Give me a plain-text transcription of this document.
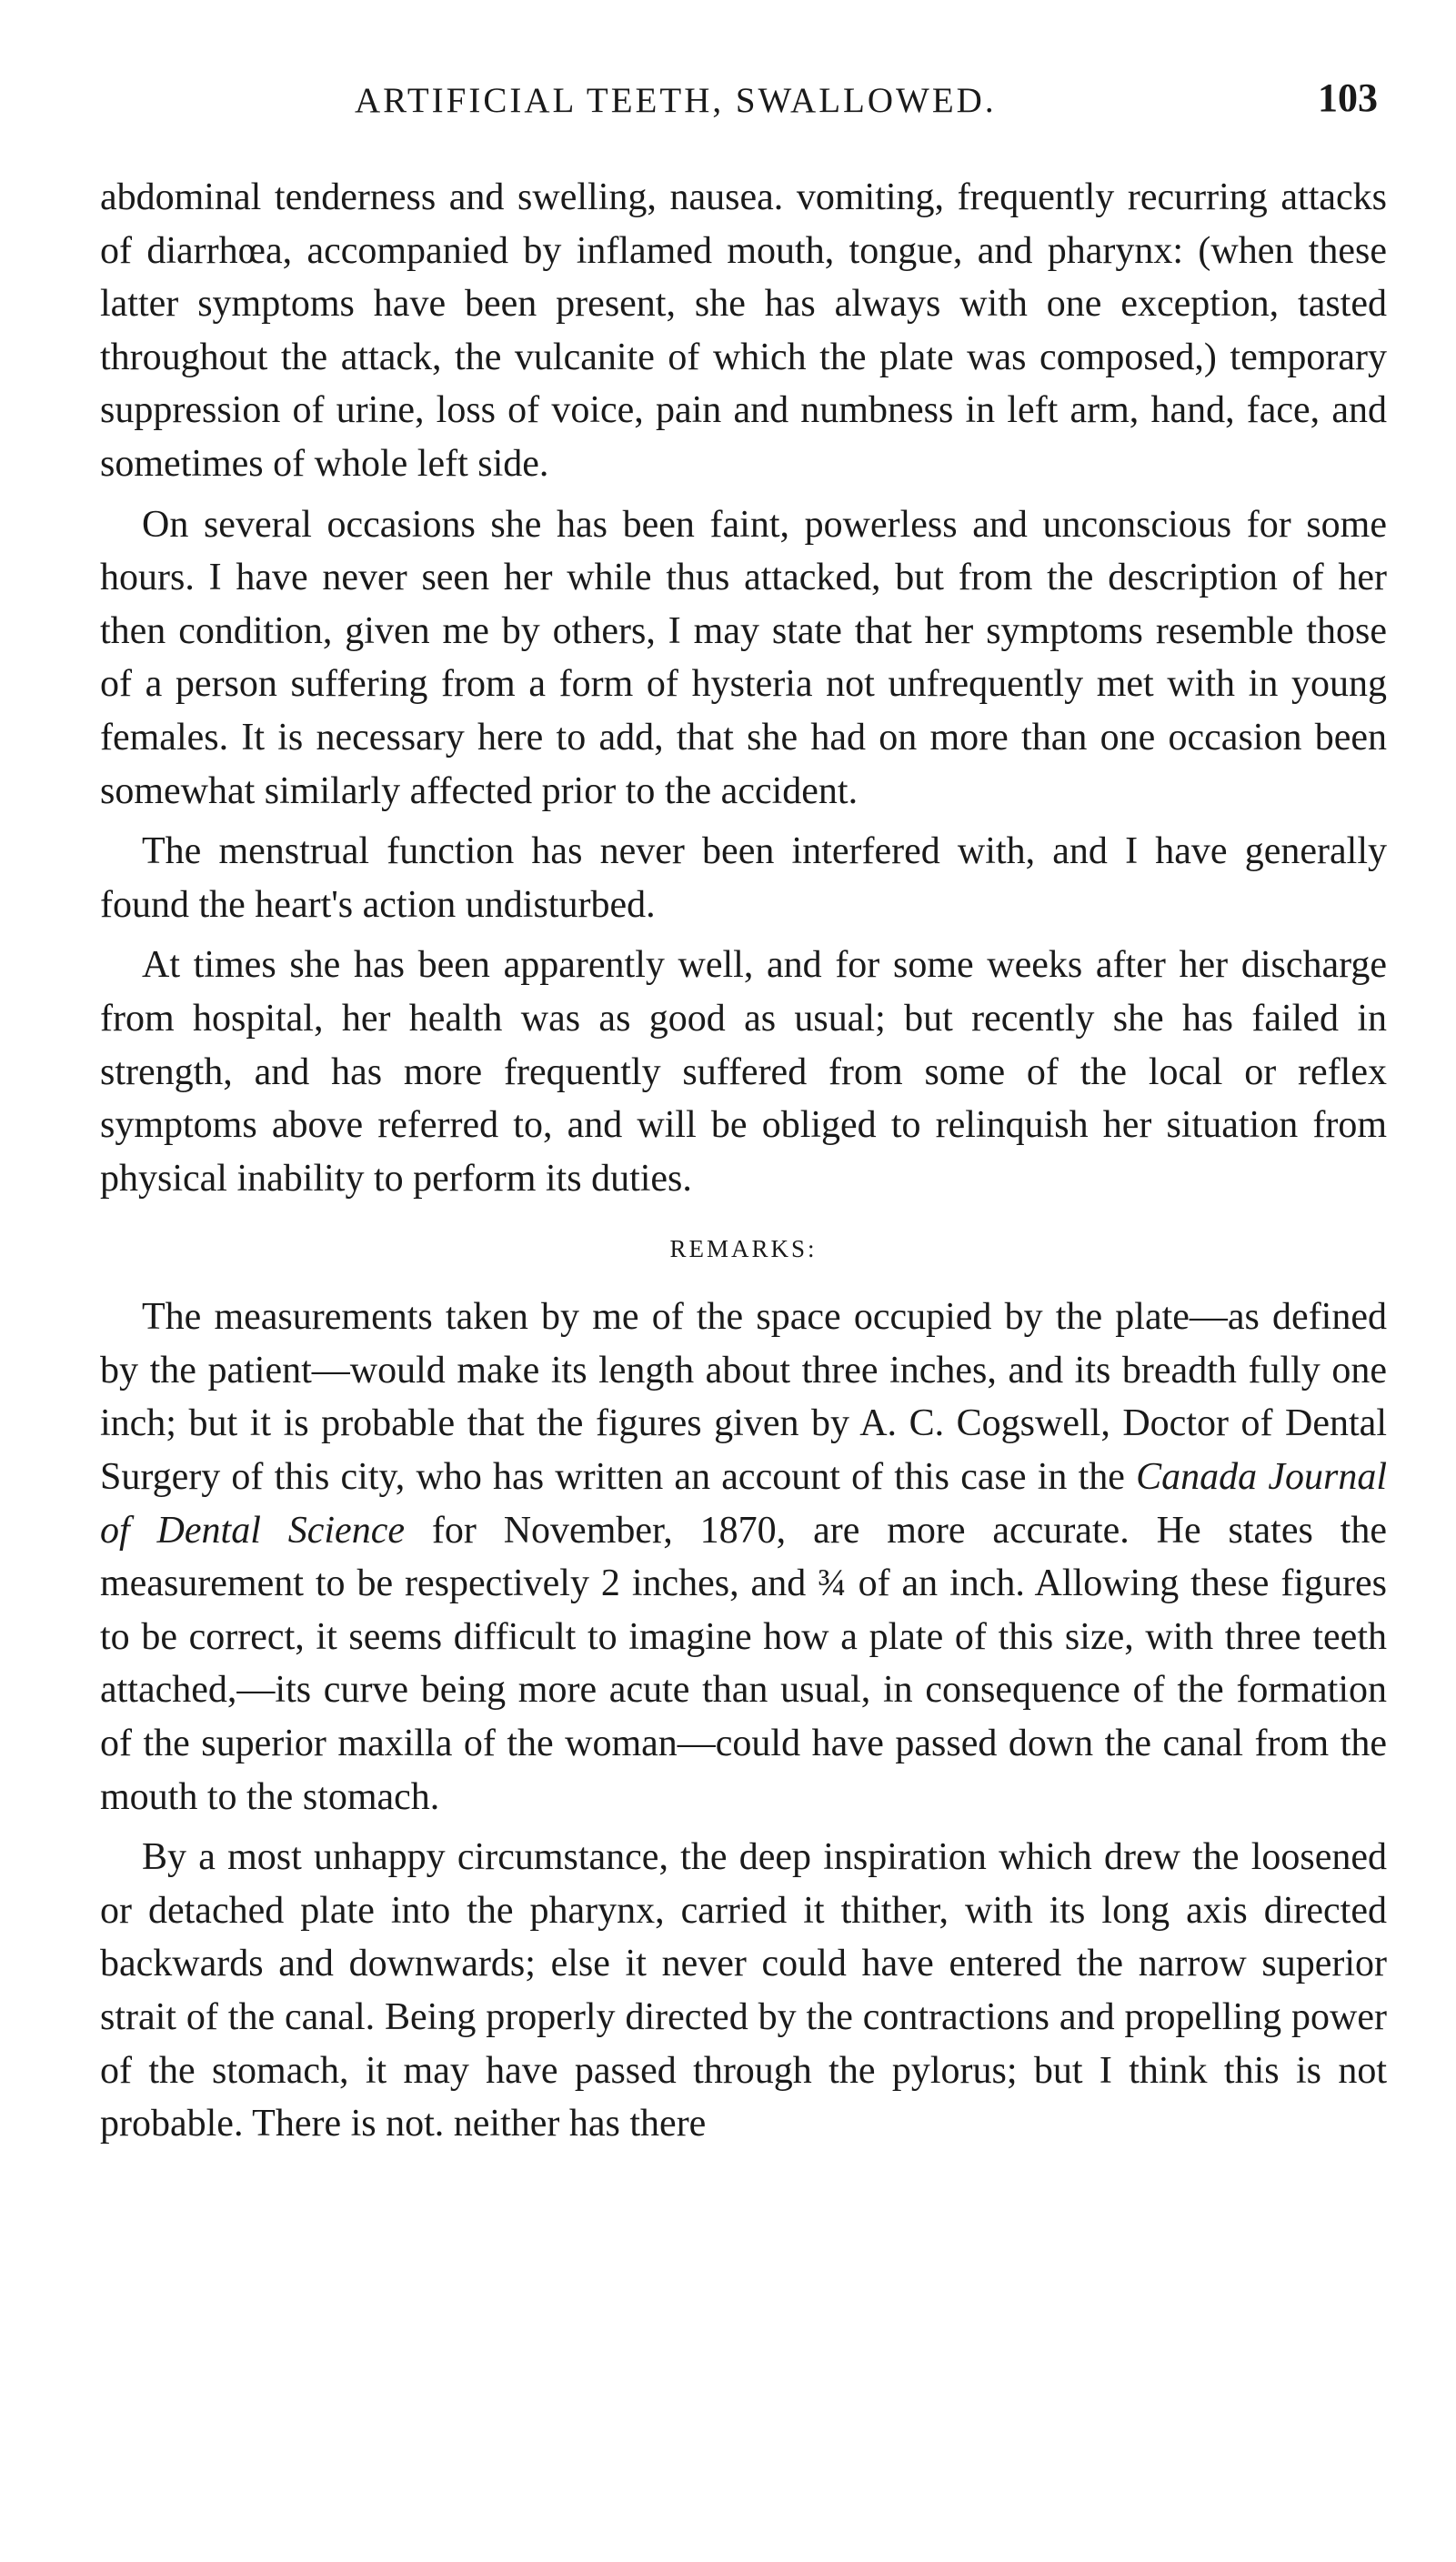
ARTIFICIAL TEETH, SWALLOWED.	103

abdominal tenderness and swelling, nausea. vomiting, frequently recurring attacks of diarrhœa, accompanied by inflamed mouth, tongue, and pharynx: (when these latter symptoms have been present, she has always with one exception, tasted throughout the attack, the vulcanite of which the plate was composed,) temporary suppression of urine, loss of voice, pain and numbness in left arm, hand, face, and sometimes of whole left side.

On several occasions she has been faint, powerless and unconscious for some hours. I have never seen her while thus attacked, but from the description of her then condition, given me by others, I may state that her symptoms resemble those of a person suffering from a form of hysteria not unfrequently met with in young females. It is necessary here to add, that she had on more than one occasion been somewhat similarly affected prior to the accident.

The menstrual function has never been interfered with, and I have generally found the heart's action undisturbed.

At times she has been apparently well, and for some weeks after her discharge from hospital, her health was as good as usual; but recently she has failed in strength, and has more frequently suffered from some of the local or reflex symptoms above referred to, and will be obliged to relinquish her situation from physical inability to perform its duties.

REMARKS:

The measurements taken by me of the space occupied by the plate—as defined by the patient—would make its length about three inches, and its breadth fully one inch; but it is probable that the figures given by A. C. Cogswell, Doctor of Dental Surgery of this city, who has written an account of this case in the Canada Journal of Dental Science for November, 1870, are more accurate. He states the measurement to be respectively 2 inches, and ¾ of an inch. Allowing these figures to be correct, it seems difficult to imagine how a plate of this size, with three teeth attached,—its curve being more acute than usual, in consequence of the formation of the superior maxilla of the woman—could have passed down the canal from the mouth to the stomach.

By a most unhappy circumstance, the deep inspiration which drew the loosened or detached plate into the pharynx, carried it thither, with its long axis directed backwards and downwards; else it never could have entered the narrow superior strait of the canal. Being properly directed by the contractions and propelling power of the stomach, it may have passed through the pylorus; but I think this is not probable. There is not. neither has there
